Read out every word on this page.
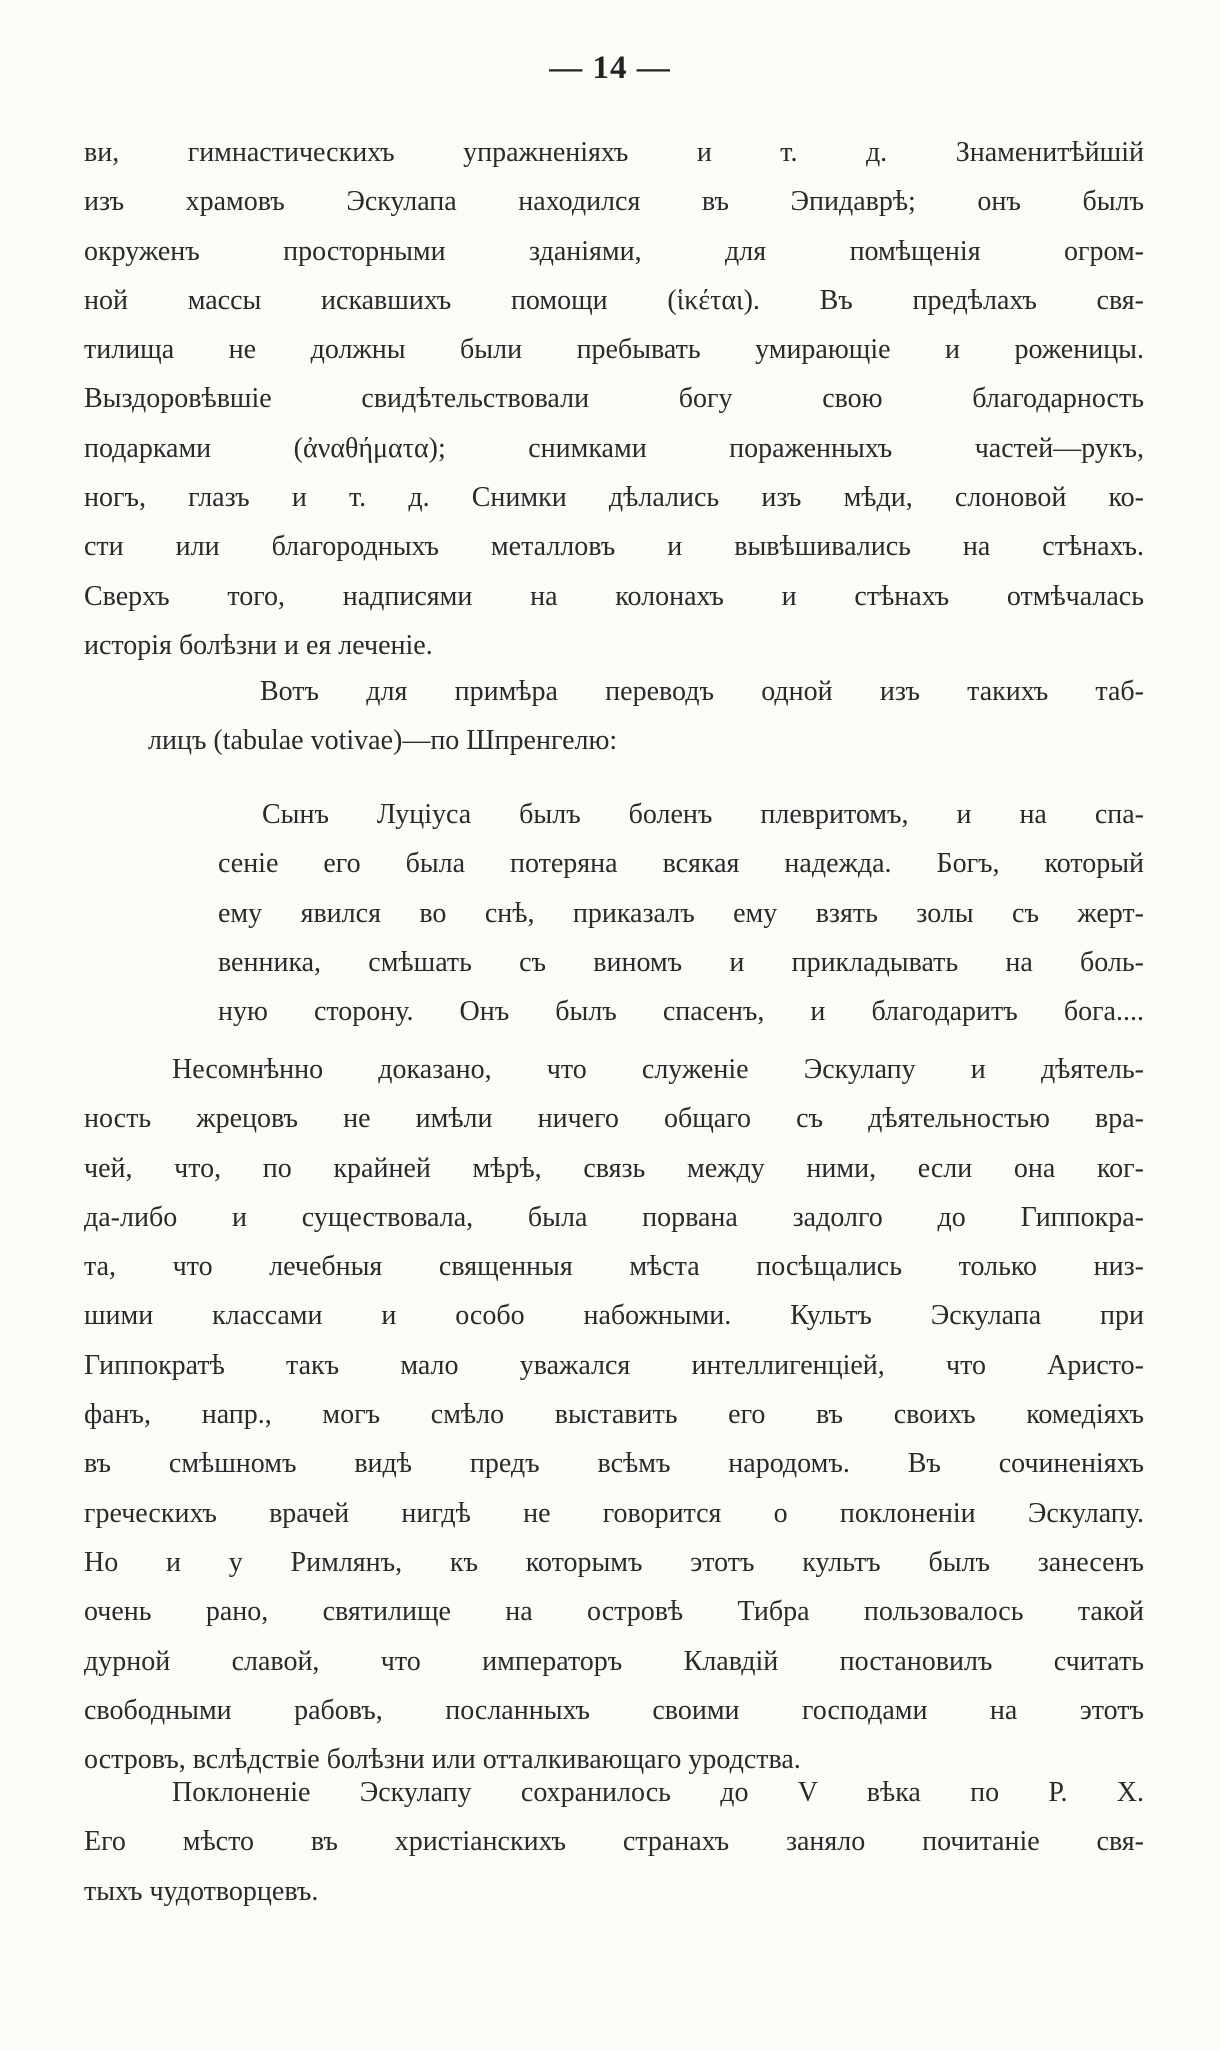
— 14 —
ви, гимнастическихъ упражненіяхъ и т. д. Знаменитѣйшій
изъ храмовъ Эскулапа находился въ Эпидаврѣ; онъ былъ
окруженъ просторными зданіями, для помѣщенія огром-
ной массы искавшихъ помощи (ἱκέται). Въ предѣлахъ свя-
тилища не должны были пребывать умирающіе и роженицы.
Выздоровѣвшіе свидѣтельствовали богу свою благодарность
подарками (ἀναθήματα); снимками пораженныхъ частей—рукъ,
ногъ, глазъ и т. д. Снимки дѣлались изъ мѣди, слоновой ко-
сти или благородныхъ металловъ и вывѣшивались на стѣнахъ.
Сверхъ того, надписями на колонахъ и стѣнахъ отмѣчалась
исторія болѣзни и ея леченіе.
Вотъ для примѣра переводъ одной изъ такихъ таб-
лицъ (tabulae votivae)—по Шпренгелю:
Сынъ Луціуса былъ боленъ плевритомъ, и на спа-
сеніе его была потеряна всякая надежда. Богъ, который
ему явился во снѣ, приказалъ ему взять золы съ жерт-
венника, смѣшать съ виномъ и прикладывать на боль-
ную сторону. Онъ былъ спасенъ, и благодаритъ бога....
Несомнѣнно доказано, что служеніе Эскулапу и дѣятель-
ность жрецовъ не имѣли ничего общаго съ дѣятельностью вра-
чей, что, по крайней мѣрѣ, связь между ними, если она ког-
да-либо и существовала, была порвана задолго до Гиппокра-
та, что лечебныя священныя мѣста посѣщались только низ-
шими классами и особо набожными. Культъ Эскулапа при
Гиппократѣ такъ мало уважался интеллигенціей, что Аристо-
фанъ, напр., могъ смѣло выставить его въ своихъ комедіяхъ
въ смѣшномъ видѣ предъ всѣмъ народомъ. Въ сочиненіяхъ
греческихъ врачей нигдѣ не говорится о поклоненіи Эскулапу.
Но и у Римлянъ, къ которымъ этотъ культъ былъ занесенъ
очень рано, святилище на островѣ Тибра пользовалось такой
дурной славой, что императоръ Клавдій постановилъ считать
свободными рабовъ, посланныхъ своими господами на этотъ
островъ, вслѣдствіе болѣзни или отталкивающаго уродства.
Поклоненіе Эскулапу сохранилось до V вѣка по Р. Х.
Его мѣсто въ христіанскихъ странахъ заняло почитаніе свя-
тыхъ чудотворцевъ.
